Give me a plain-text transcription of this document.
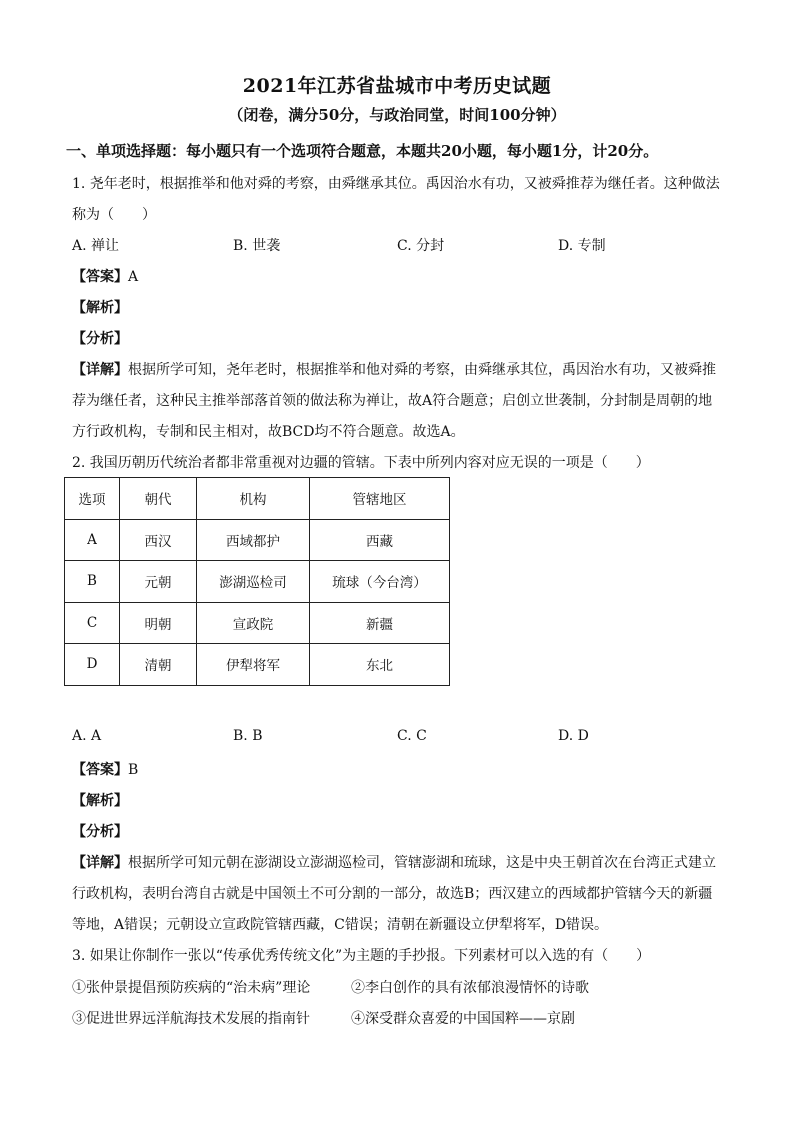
2021年江苏省盐城市中考历史试题
（闭卷，满分50分，与政治同堂，时间100分钟）
一、单项选择题：每小题只有一个选项符合题意，本题共20小题，每小题1分，计20分。
1. 尧年老时，根据推举和他对舜的考察，由舜继承其位。禹因治水有功，又被舜推荐为继任者。这种做法
称为（　　）
A. 禅让	B. 世袭	C. 分封	D. 专制
【答案】A
【解析】
【分析】
【详解】根据所学可知，尧年老时，根据推举和他对舜的考察，由舜继承其位，禹因治水有功，又被舜推
荐为继任者，这种民主推举部落首领的做法称为禅让，故A符合题意；启创立世袭制，分封制是周朝的地
方行政机构，专制和民主相对，故BCD均不符合题意。故选A。
2. 我国历朝历代统治者都非常重视对边疆的管辖。下表中所列内容对应无误的一项是（　　）
选项	朝代	机构	管辖地区
A	西汉	西域都护	西藏
B	元朝	澎湖巡检司	琉球（今台湾）
C	明朝	宣政院	新疆
D	清朝	伊犁将军	东北
A. A	B. B	C. C	D. D
【答案】B
【解析】
【分析】
【详解】根据所学可知元朝在澎湖设立澎湖巡检司，管辖澎湖和琉球，这是中央王朝首次在台湾正式建立
行政机构，表明台湾自古就是中国领土不可分割的一部分，故选B；西汉建立的西域都护管辖今天的新疆
等地，A错误；元朝设立宣政院管辖西藏，C错误；清朝在新疆设立伊犁将军，D错误。
3. 如果让你制作一张以“传承优秀传统文化”为主题的手抄报。下列素材可以入选的有（　　）
①张仲景提倡预防疾病的“治未病”理论	②李白创作的具有浓郁浪漫情怀的诗歌
③促进世界远洋航海技术发展的指南针	④深受群众喜爱的中国国粹——京剧
